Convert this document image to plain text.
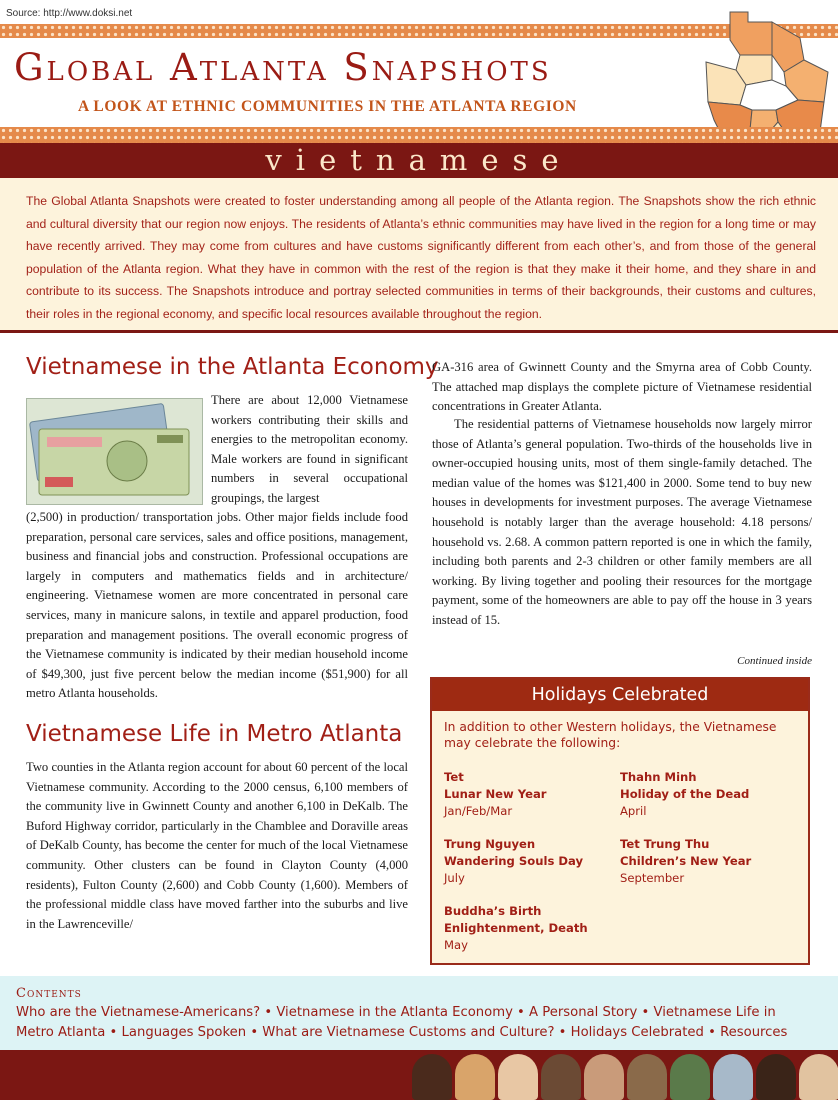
Source: http://www.doksi.net
Global Atlanta Snapshots
A LOOK AT ETHNIC COMMUNITIES IN THE ATLANTA REGION
vietnamese
The Global Atlanta Snapshots were created to foster understanding among all people of the Atlanta region. The Snapshots show the rich ethnic and cultural diversity that our region now enjoys. The residents of Atlanta’s ethnic communities may have lived in the region for a long time or may have recently arrived. They may come from cultures and have customs significantly different from each other’s, and from those of the general population of the Atlanta region. What they have in common with the rest of the region is that they make it their home, and they share in and contribute to its success. The Snapshots introduce and portray selected communities in terms of their backgrounds, their customs and cultures, their roles in the regional economy, and specific local resources available throughout the region.
Vietnamese in the Atlanta Economy
There are about 12,000 Vietnamese workers contributing their skills and energies to the metropolitan economy. Male workers are found in significant numbers in several occupational groupings, the largest
(2,500) in production/ transportation jobs. Other major fields include food preparation, personal care services, sales and office positions, management, business and financial jobs and construction. Professional occupations are largely in computers and mathematics fields and in architecture/ engineering. Vietnamese women are more concentrated in personal care services, many in manicure salons, in textile and apparel production, food preparation and management positions. The overall economic progress of the Vietnamese community is indicated by their median household income of $49,300, just five percent below the median income ($51,900) for all metro Atlanta households.
Vietnamese Life in Metro Atlanta
Two counties in the Atlanta region account for about 60 percent of the local Vietnamese community. According to the 2000 census, 6,100 members of the community live in Gwinnett County and another 6,100 in DeKalb. The Buford Highway corridor, particularly in the Chamblee and Doraville areas of DeKalb County, has become the center for much of the local Vietnamese community. Other clusters can be found in Clayton County (4,000 residents), Fulton County (2,600) and Cobb County (1,600). Members of the professional middle class have moved farther into the suburbs and live in the Lawrenceville/
GA-316 area of Gwinnett County and the Smyrna area of Cobb County. The attached map displays the complete picture of Vietnamese residential concentrations in Greater Atlanta.
The residential patterns of Vietnamese households now largely mirror those of Atlanta’s general population. Two-thirds of the households live in owner-occupied housing units, most of them single-family detached. The median value of the homes was $121,400 in 2000. Some tend to buy new houses in developments for investment purposes. The average Vietnamese household is notably larger than the average household: 4.18 persons/ household vs. 2.68. A common pattern reported is one in which the family, including both parents and 2-3 children or other family members are all working. By living together and pooling their resources for the mortgage payment, some of the homeowners are able to pay off the house in 3 years instead of 15.
Continued inside
Holidays Celebrated
In addition to other Western holidays, the Vietnamese may celebrate the following:
Tet
Lunar New Year
Jan/Feb/Mar
Thahn Minh
Holiday of the Dead
April
Trung Nguyen
Wandering Souls Day
July
Tet Trung Thu
Children’s New Year
September
Buddha’s Birth
Enlightenment, Death
May
Contents
Who are the Vietnamese-Americans? • Vietnamese in the Atlanta Economy • A Personal Story • Vietnamese Life in Metro Atlanta • Languages Spoken • What are Vietnamese Customs and Culture? • Holidays Celebrated • Resources
